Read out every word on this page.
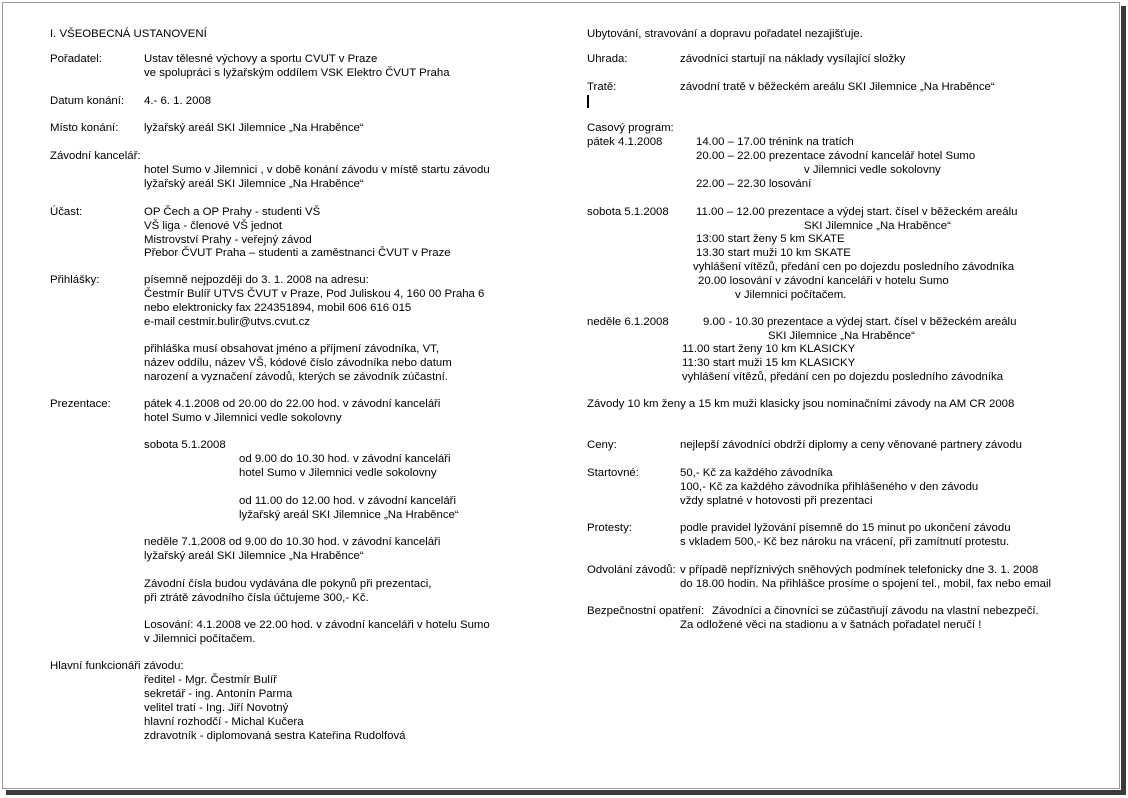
I. VŠEOBECNÁ USTANOVENÍ
Pořadatel:	Ustav tělesné výchovy a sportu CVUT v Praze
ve spolupráci s lyžařským oddílem VSK Elektro ČVUT Praha
Datum konání: 4.- 6. 1. 2008
Místo konání: lyžařský areál SKI Jilemnice „Na Hraběnce“
Závodní kancelář:
hotel Sumo v Jilemnici , v době konání závodu v místě startu závodu
lyžařský areál SKI Jilemnice „Na Hraběnce“
Účast:	OP Čech a OP Prahy - studenti VŠ
VŠ liga - členové VŠ jednot
Mistrovství Prahy - veřejný závod
Přebor ČVUT Praha – studenti a zaměstnanci ČVUT v Praze
Přihlášky:	písemně nejpozději do 3. 1. 2008 na adresu:
Čestmír Bulíř UTVS ČVUT v Praze, Pod Juliskou 4, 160 00 Praha 6
nebo elektronicky fax 224351894, mobil 606 616 015
e-mail cestmir.bulir@utvs.cvut.cz
přihláška musí obsahovat jméno a příjmení závodníka, VT,
název oddílu, název VŠ, kódové číslo závodníka nebo datum
narození a vyznačení závodů, kterých se závodník zúčastní.
Prezentace:	pátek 4.1.2008 od 20.00 do 22.00 hod. v závodní kanceláři
hotel Sumo v Jilemnici vedle sokolovny
sobota 5.1.2008
od 9.00 do 10.30 hod. v závodní kanceláři
hotel Sumo v Jilemnici vedle sokolovny
od 11.00 do 12.00 hod. v závodní kanceláři
lyžařský areál SKI Jilemnice „Na Hraběnce“
neděle 7.1.2008 od 9.00 do 10.30 hod. v závodní kanceláři
lyžařský areál SKI Jilemnice „Na Hraběnce“
Závodní čísla budou vydávána dle pokynů při prezentaci,
při ztrátě závodního čísla účtujeme 300,- Kč.
Losování: 4.1.2008 ve 22.00 hod. v závodní kanceláři v hotelu Sumo
v Jilemnici počítačem.
Hlavní funkcionáři závodu:
ředitel - Mgr. Čestmír Bulíř
sekretář - ing. Antonín Parma
velitel tratí - Ing. Jiří Novotný
hlavní rozhodčí - Michal Kučera
zdravotník - diplomovaná sestra Kateřina Rudolfová
Ubytování, stravování a dopravu pořadatel nezajišťuje.
Uhrada:	závodníci startují na náklady vysílající složky
Tratě:	závodní tratě v běžeckém areálu SKI Jilemnice „Na Hraběnce“
Casový program:
pátek 4.1.2008	14.00 – 17.00 trénink na tratích
20.00 – 22.00 prezentace závodní kancelář hotel Sumo
v Jilemnici vedle sokolovny
22.00 – 22.30 losování
sobota 5.1.2008 11.00 – 12.00 prezentace a výdej start. čísel v běžeckém areálu
SKI Jilemnice „Na Hraběnce“
13:00 start ženy 5 km SKATE
13.30 start muži 10 km SKATE
vyhlášení vítězů, předání cen po dojezdu posledního závodníka
20.00 losování v závodní kanceláři v hotelu Sumo
v Jilemnici počítačem.
neděle 6.1.2008	9.00 - 10.30 prezentace a výdej start. čísel v běžeckém areálu
SKI Jilemnice „Na Hraběnce“
11.00 start ženy 10 km KLASICKY
11:30 start muži 15 km KLASICKY
vyhlášení vítězů, předání cen po dojezdu posledního závodníka
Závody 10 km ženy a 15 km muži klasicky jsou nominačními závody na AM CR 2008
Ceny:	nejlepší závodníci obdrží diplomy a ceny věnované partnery závodu
Startovné:	50,- Kč za každého závodníka
100,- Kč za každého závodníka přihlášeného v den závodu
vždy splatné v hotovosti při prezentaci
Protesty:	podle pravidel lyžování písemně do 15 minut po ukončení závodu
s vkladem 500,- Kč bez nároku na vrácení, při zamítnutí protestu.
Odvolání závodů: v případě nepříznivých sněhových podmínek telefonicky dne 3. 1. 2008
do 18.00 hodin. Na přihlášce prosíme o spojení tel., mobil, fax nebo email
Bezpečnostní opatření: Závodníci a činovníci se zúčastňují závodu na vlastní nebezpečí.
Za odložené věci na stadionu a v šatnách pořadatel neručí !
